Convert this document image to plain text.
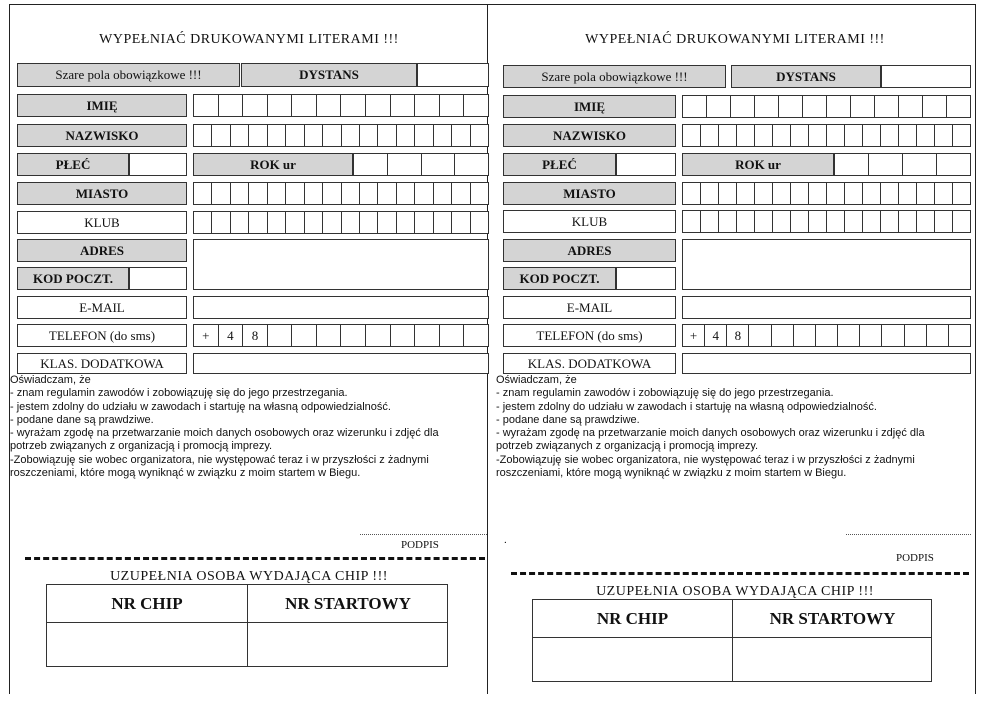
WYPEŁNIAĆ DRUKOWANYMI LITERAMI !!!
Szare pola obowiązkowe !!!	DYSTANS
IMIĘ
NAZWISKO
PŁEĆ	ROK ur
MIASTO
KLUB
ADRES
KOD POCZT.
E-MAIL
TELEFON (do sms)	+	4	8
KLAS. DODATKOWA
Oświadczam, że
- znam regulamin zawodów i zobowiązuję się do jego przestrzegania.
- jestem zdolny do udziału w zawodach i startuję na własną odpowiedzialność.
- podane dane są prawdziwe.
- wyrażam zgodę na przetwarzanie moich danych osobowych oraz wizerunku i zdjęć dla
potrzeb związanych z organizacją i promocją imprezy.
-Zobowiązuję sie wobec organizatora, nie występować teraz i w przyszłości z żadnymi
roszczeniami, które mogą wyniknąć w związku z moim startem w Biegu.
PODPIS
UZUPEŁNIA OSOBA WYDAJĄCA CHIP !!!
NR CHIP	NR STARTOWY
WYPEŁNIAĆ DRUKOWANYMI LITERAMI !!!
Szare pola obowiązkowe !!!	DYSTANS
IMIĘ
NAZWISKO
PŁEĆ	ROK ur
MIASTO
KLUB
ADRES
KOD POCZT.
E-MAIL
TELEFON (do sms)	+	4	8
KLAS. DODATKOWA
Oświadczam, że
- znam regulamin zawodów i zobowiązuję się do jego przestrzegania.
- jestem zdolny do udziału w zawodach i startuję na własną odpowiedzialność.
- podane dane są prawdziwe.
- wyrażam zgodę na przetwarzanie moich danych osobowych oraz wizerunku i zdjęć dla
potrzeb związanych z organizacją i promocją imprezy.
-Zobowiązuję sie wobec organizatora, nie występować teraz i w przyszłości z żadnymi
roszczeniami, które mogą wyniknąć w związku z moim startem w Biegu.
.
PODPIS
UZUPEŁNIA OSOBA WYDAJĄCA CHIP !!!
NR CHIP	NR STARTOWY
